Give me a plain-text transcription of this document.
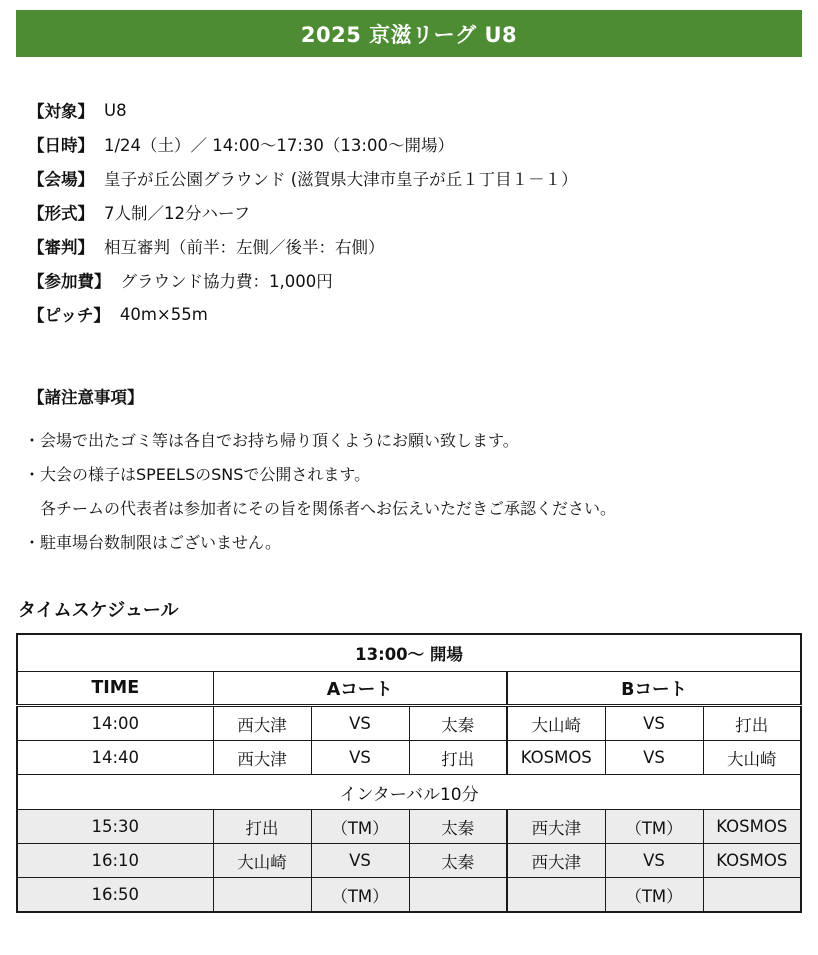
2025 京滋リーグ U8
【対象】 U8
【日時】 1/24（土）／ 14:00～17:30（13:00～開場）
【会場】 皇子が丘公園グラウンド (滋賀県大津市皇子が丘１丁目１－１）
【形式】 7人制／12分ハーフ
【審判】 相互審判（前半：左側／後半：右側）
【参加費】 グラウンド協力費：1,000円
【ピッチ】 40m×55m
【諸注意事項】
・会場で出たゴミ等は各自でお持ち帰り頂くようにお願い致します。
・大会の様子はSPEELSのSNSで公開されます。
　各チームの代表者は参加者にその旨を関係者へお伝えいただきご承認ください。
・駐車場台数制限はございません。
タイムスケジュール
13:00～ 開場						
TIME	Aコート			Bコート		
14:00	西大津	VS	太秦	大山崎	VS	打出
14:40	西大津	VS	打出	KOSMOS	VS	大山崎
インターバル10分						
15:30	打出	（TM）	太秦	西大津	（TM）	KOSMOS
16:10	大山崎	VS	太秦	西大津	VS	KOSMOS
16:50		（TM）			（TM）	
